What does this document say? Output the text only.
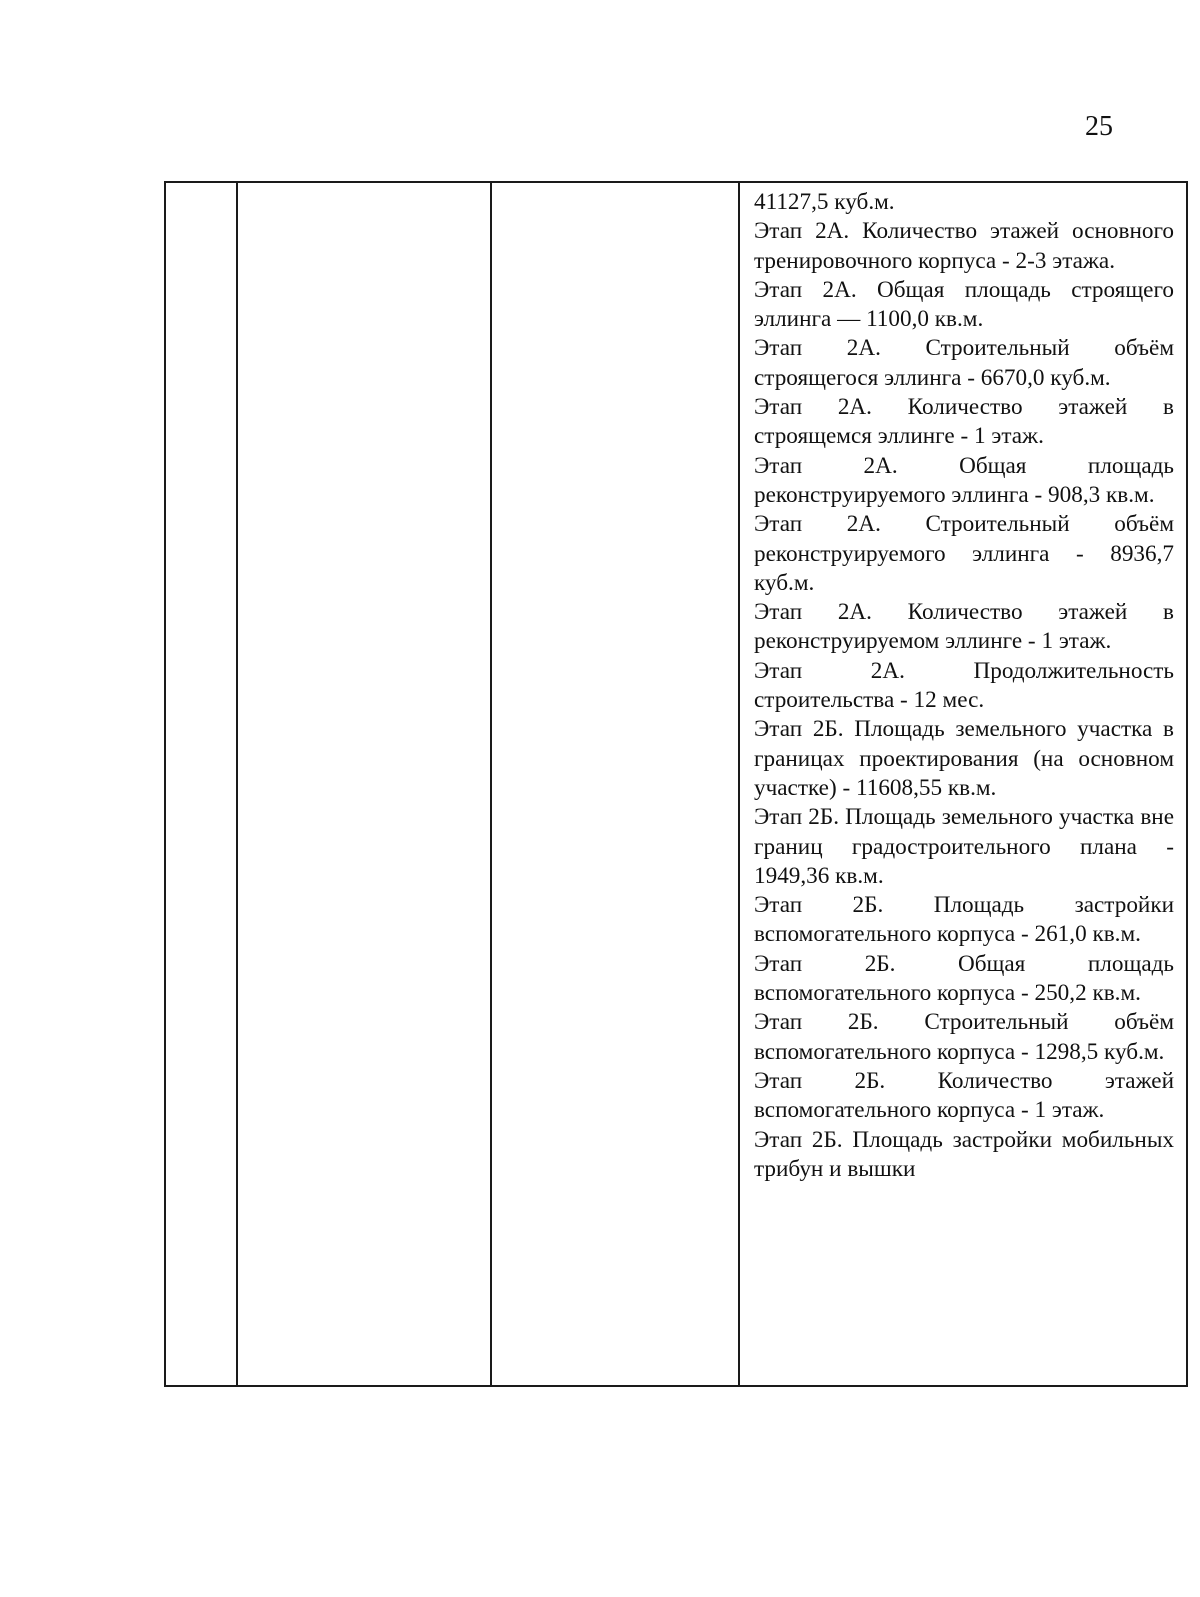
25

41127,5 куб.м.
Этап 2А. Количество этажей основного тренировочного корпуса - 2-3 этажа.
Этап 2А. Общая площадь строящего эллинга — 1100,0 кв.м.
Этап 2А. Строительный объём строящегося эллинга - 6670,0 куб.м.
Этап 2А. Количество этажей в строящемся эллинге - 1 этаж.
Этап 2А. Общая площадь реконструируемого эллинга - 908,3 кв.м.
Этап 2А. Строительный объём реконструируемого эллинга - 8936,7 куб.м.
Этап 2А. Количество этажей в реконструируемом эллинге - 1 этаж.
Этап 2А. Продолжительность строительства - 12 мес.
Этап 2Б. Площадь земельного участка в границах проектирования (на основном участке) - 11608,55 кв.м.
Этап 2Б. Площадь земельного участка вне границ градостроительного плана - 1949,36 кв.м.
Этап 2Б. Площадь застройки вспомогательного корпуса - 261,0 кв.м.
Этап 2Б. Общая площадь вспомогательного корпуса - 250,2 кв.м.
Этап 2Б. Строительный объём вспомогательного корпуса - 1298,5 куб.м.
Этап 2Б. Количество этажей вспомогательного корпуса - 1 этаж.
Этап 2Б. Площадь застройки мобильных трибун и вышки
